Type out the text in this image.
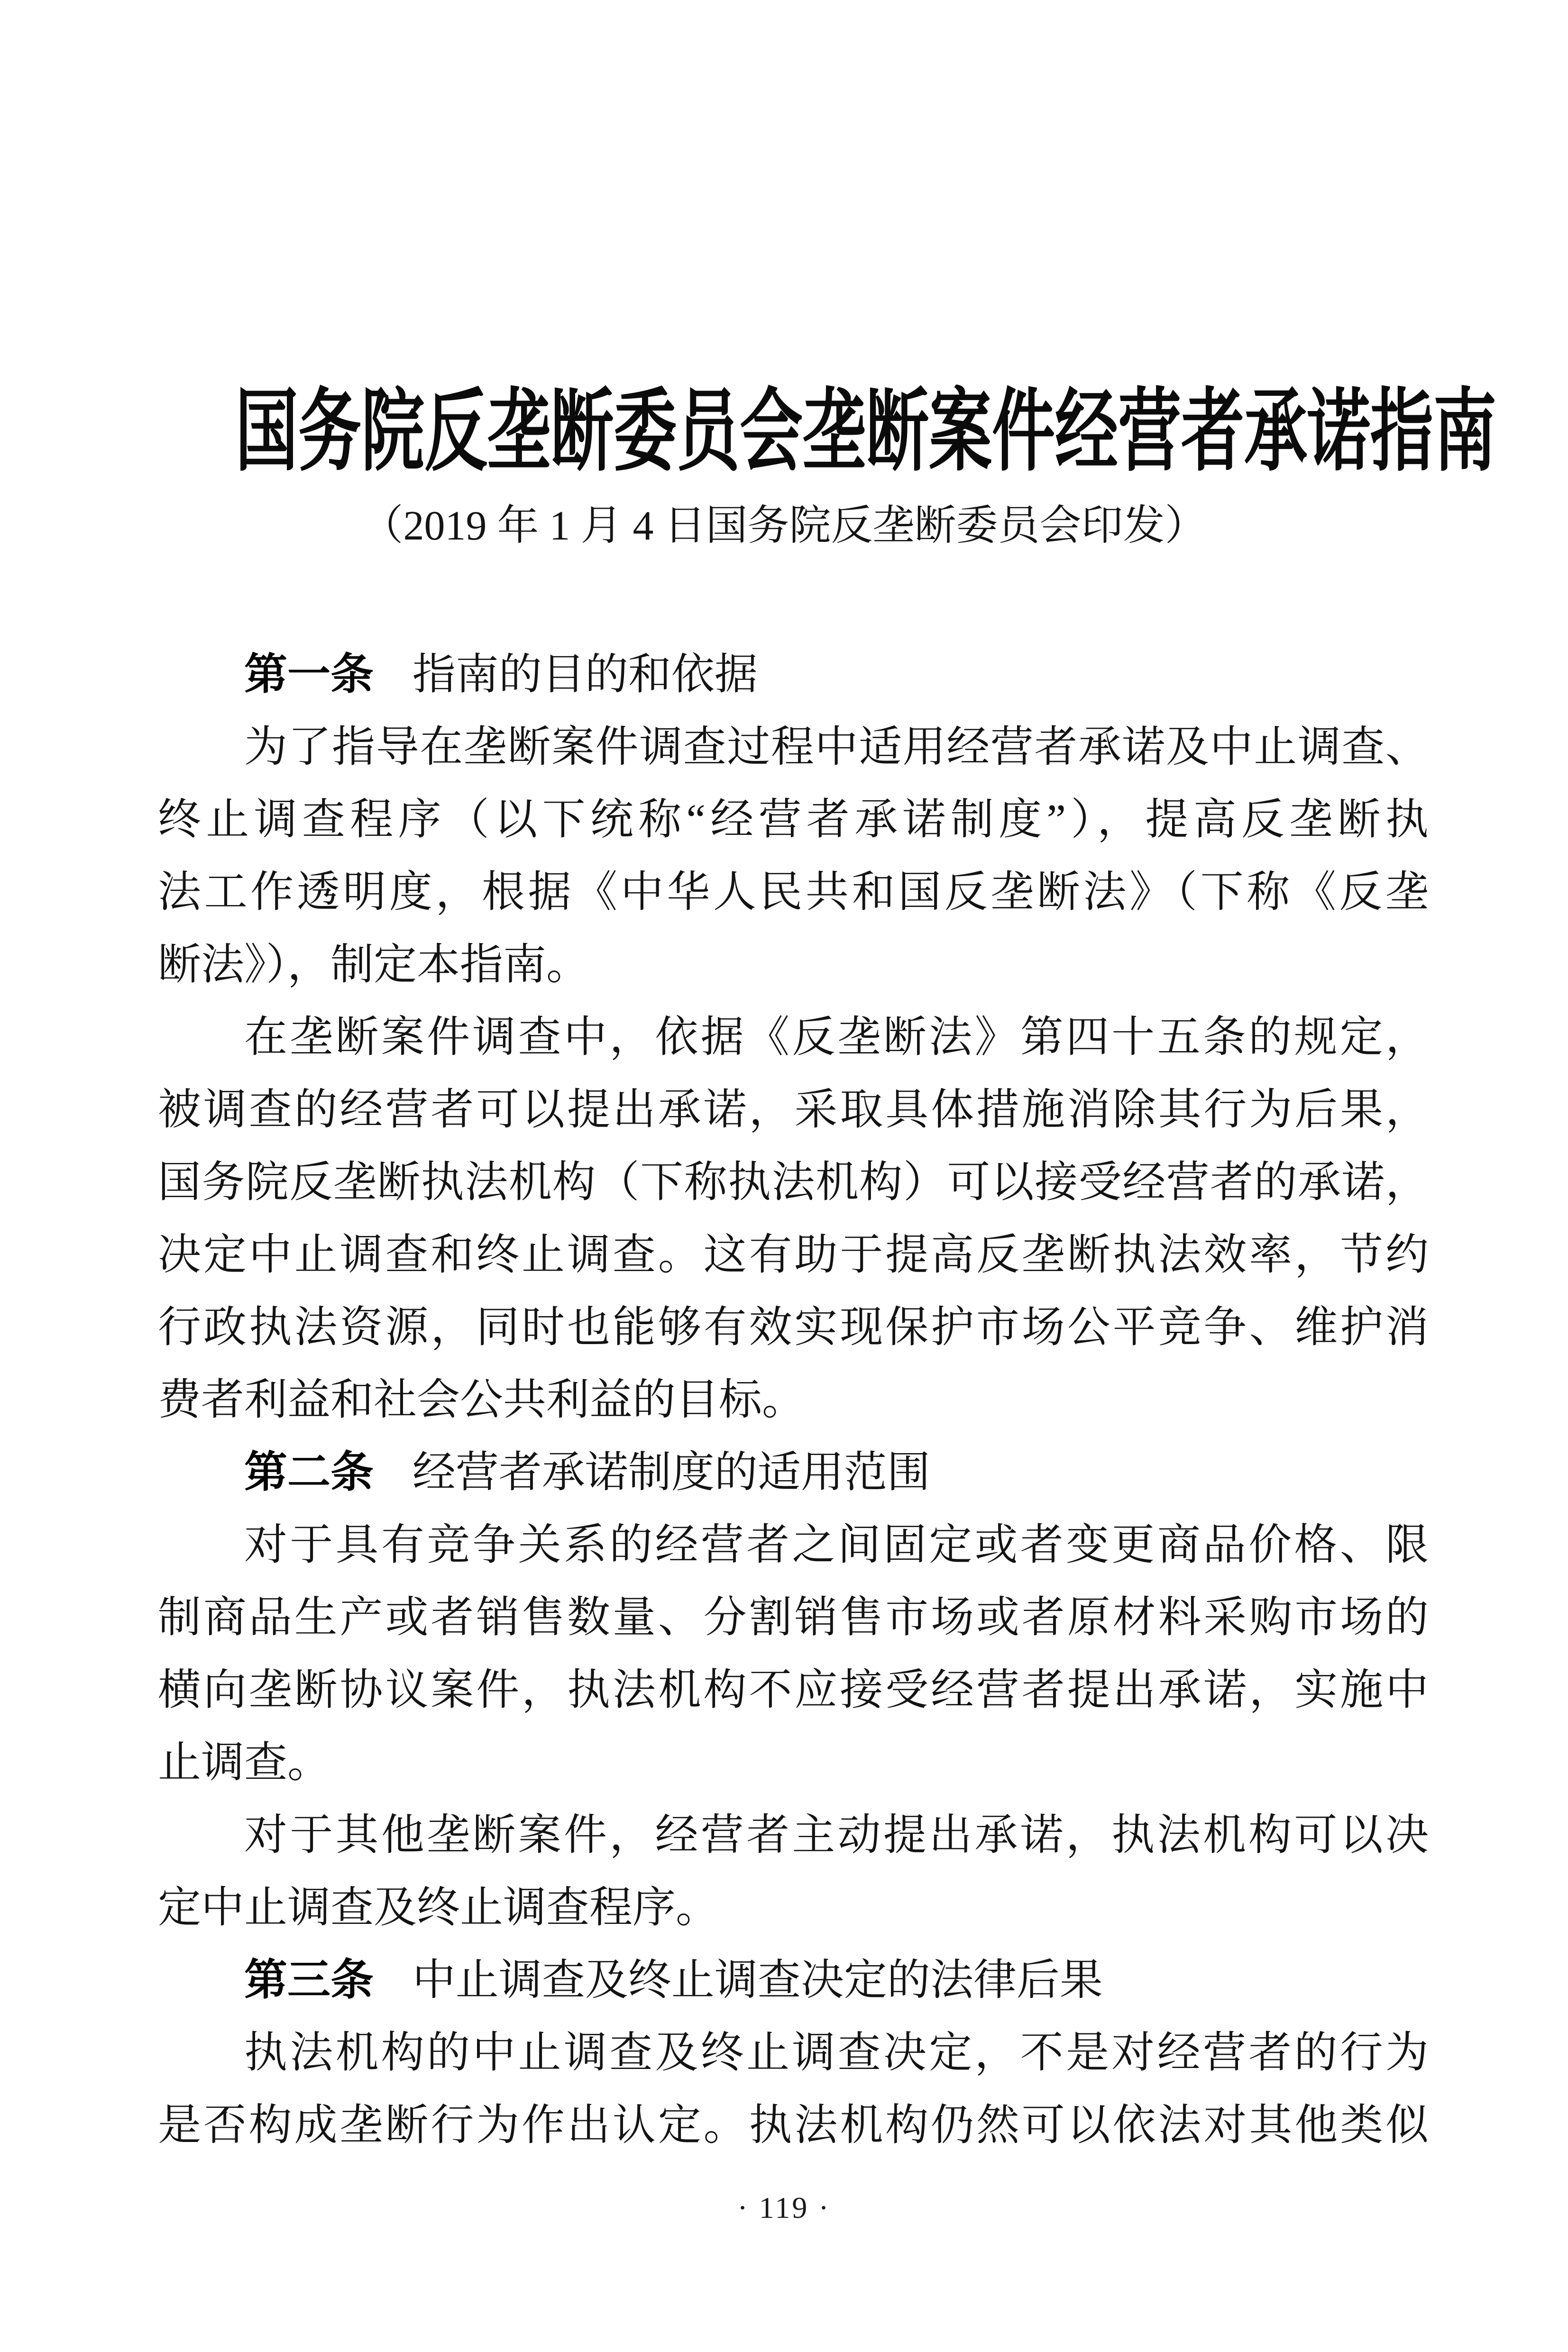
国务院反垄断委员会垄断案件经营者承诺指南
（2019 年 1 月 4 日国务院反垄断委员会印发）
第一条 指南的目的和依据
为了指导在垄断案件调查过程中适用经营者承诺及中止调查、
终止调查程序（以下统称“经营者承诺制度”），提高反垄断执
法工作透明度，根据《中华人民共和国反垄断法》（下称《反垄
断法》），制定本指南。
在垄断案件调查中，依据《反垄断法》第四十五条的规定，
被调查的经营者可以提出承诺，采取具体措施消除其行为后果，
国务院反垄断执法机构（下称执法机构）可以接受经营者的承诺，
决定中止调查和终止调查。这有助于提高反垄断执法效率，节约
行政执法资源，同时也能够有效实现保护市场公平竞争、维护消
费者利益和社会公共利益的目标。
第二条 经营者承诺制度的适用范围
对于具有竞争关系的经营者之间固定或者变更商品价格、限
制商品生产或者销售数量、分割销售市场或者原材料采购市场的
横向垄断协议案件，执法机构不应接受经营者提出承诺，实施中
止调查。
对于其他垄断案件，经营者主动提出承诺，执法机构可以决
定中止调查及终止调查程序。
第三条 中止调查及终止调查决定的法律后果
执法机构的中止调查及终止调查决定，不是对经营者的行为
是否构成垄断行为作出认定。执法机构仍然可以依法对其他类似
· 119 ·
